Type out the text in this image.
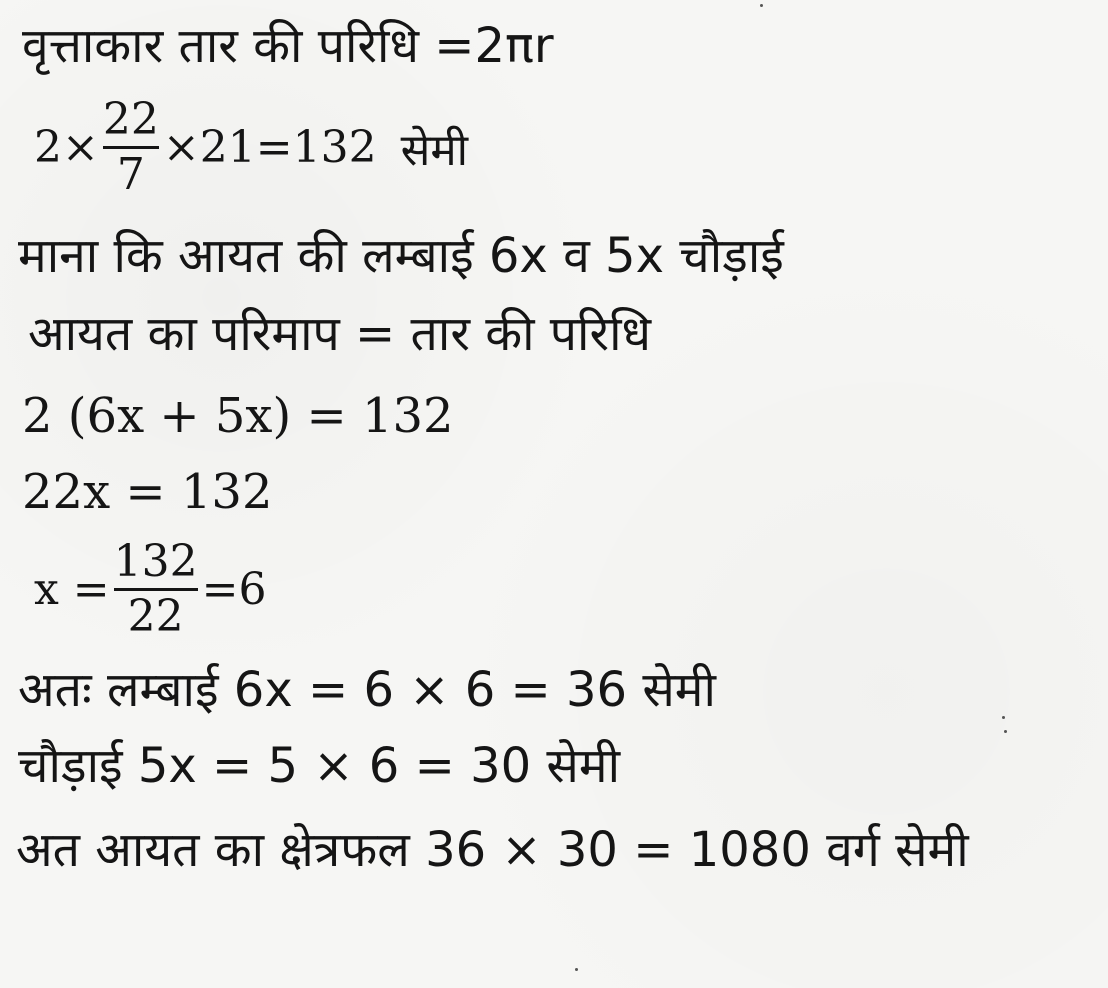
वृत्ताकार तार की परिधि =2πr
$2\times \frac{22}{7} \times 21=132$ सेमी
माना कि आयत की लम्बाई 6x व 5x चौड़ाई
आयत का परिमाप = तार की परिधि
2 (6x + 5x) = 132
22x = 132
$x = \frac{132}{22} =6$
अतः लम्बाई 6x = 6 × 6 = 36 सेमी
चौड़ाई 5x = 5 × 6 = 30 सेमी
अत आयत का क्षेत्रफल 36 × 30 = 1080 वर्ग सेमी
